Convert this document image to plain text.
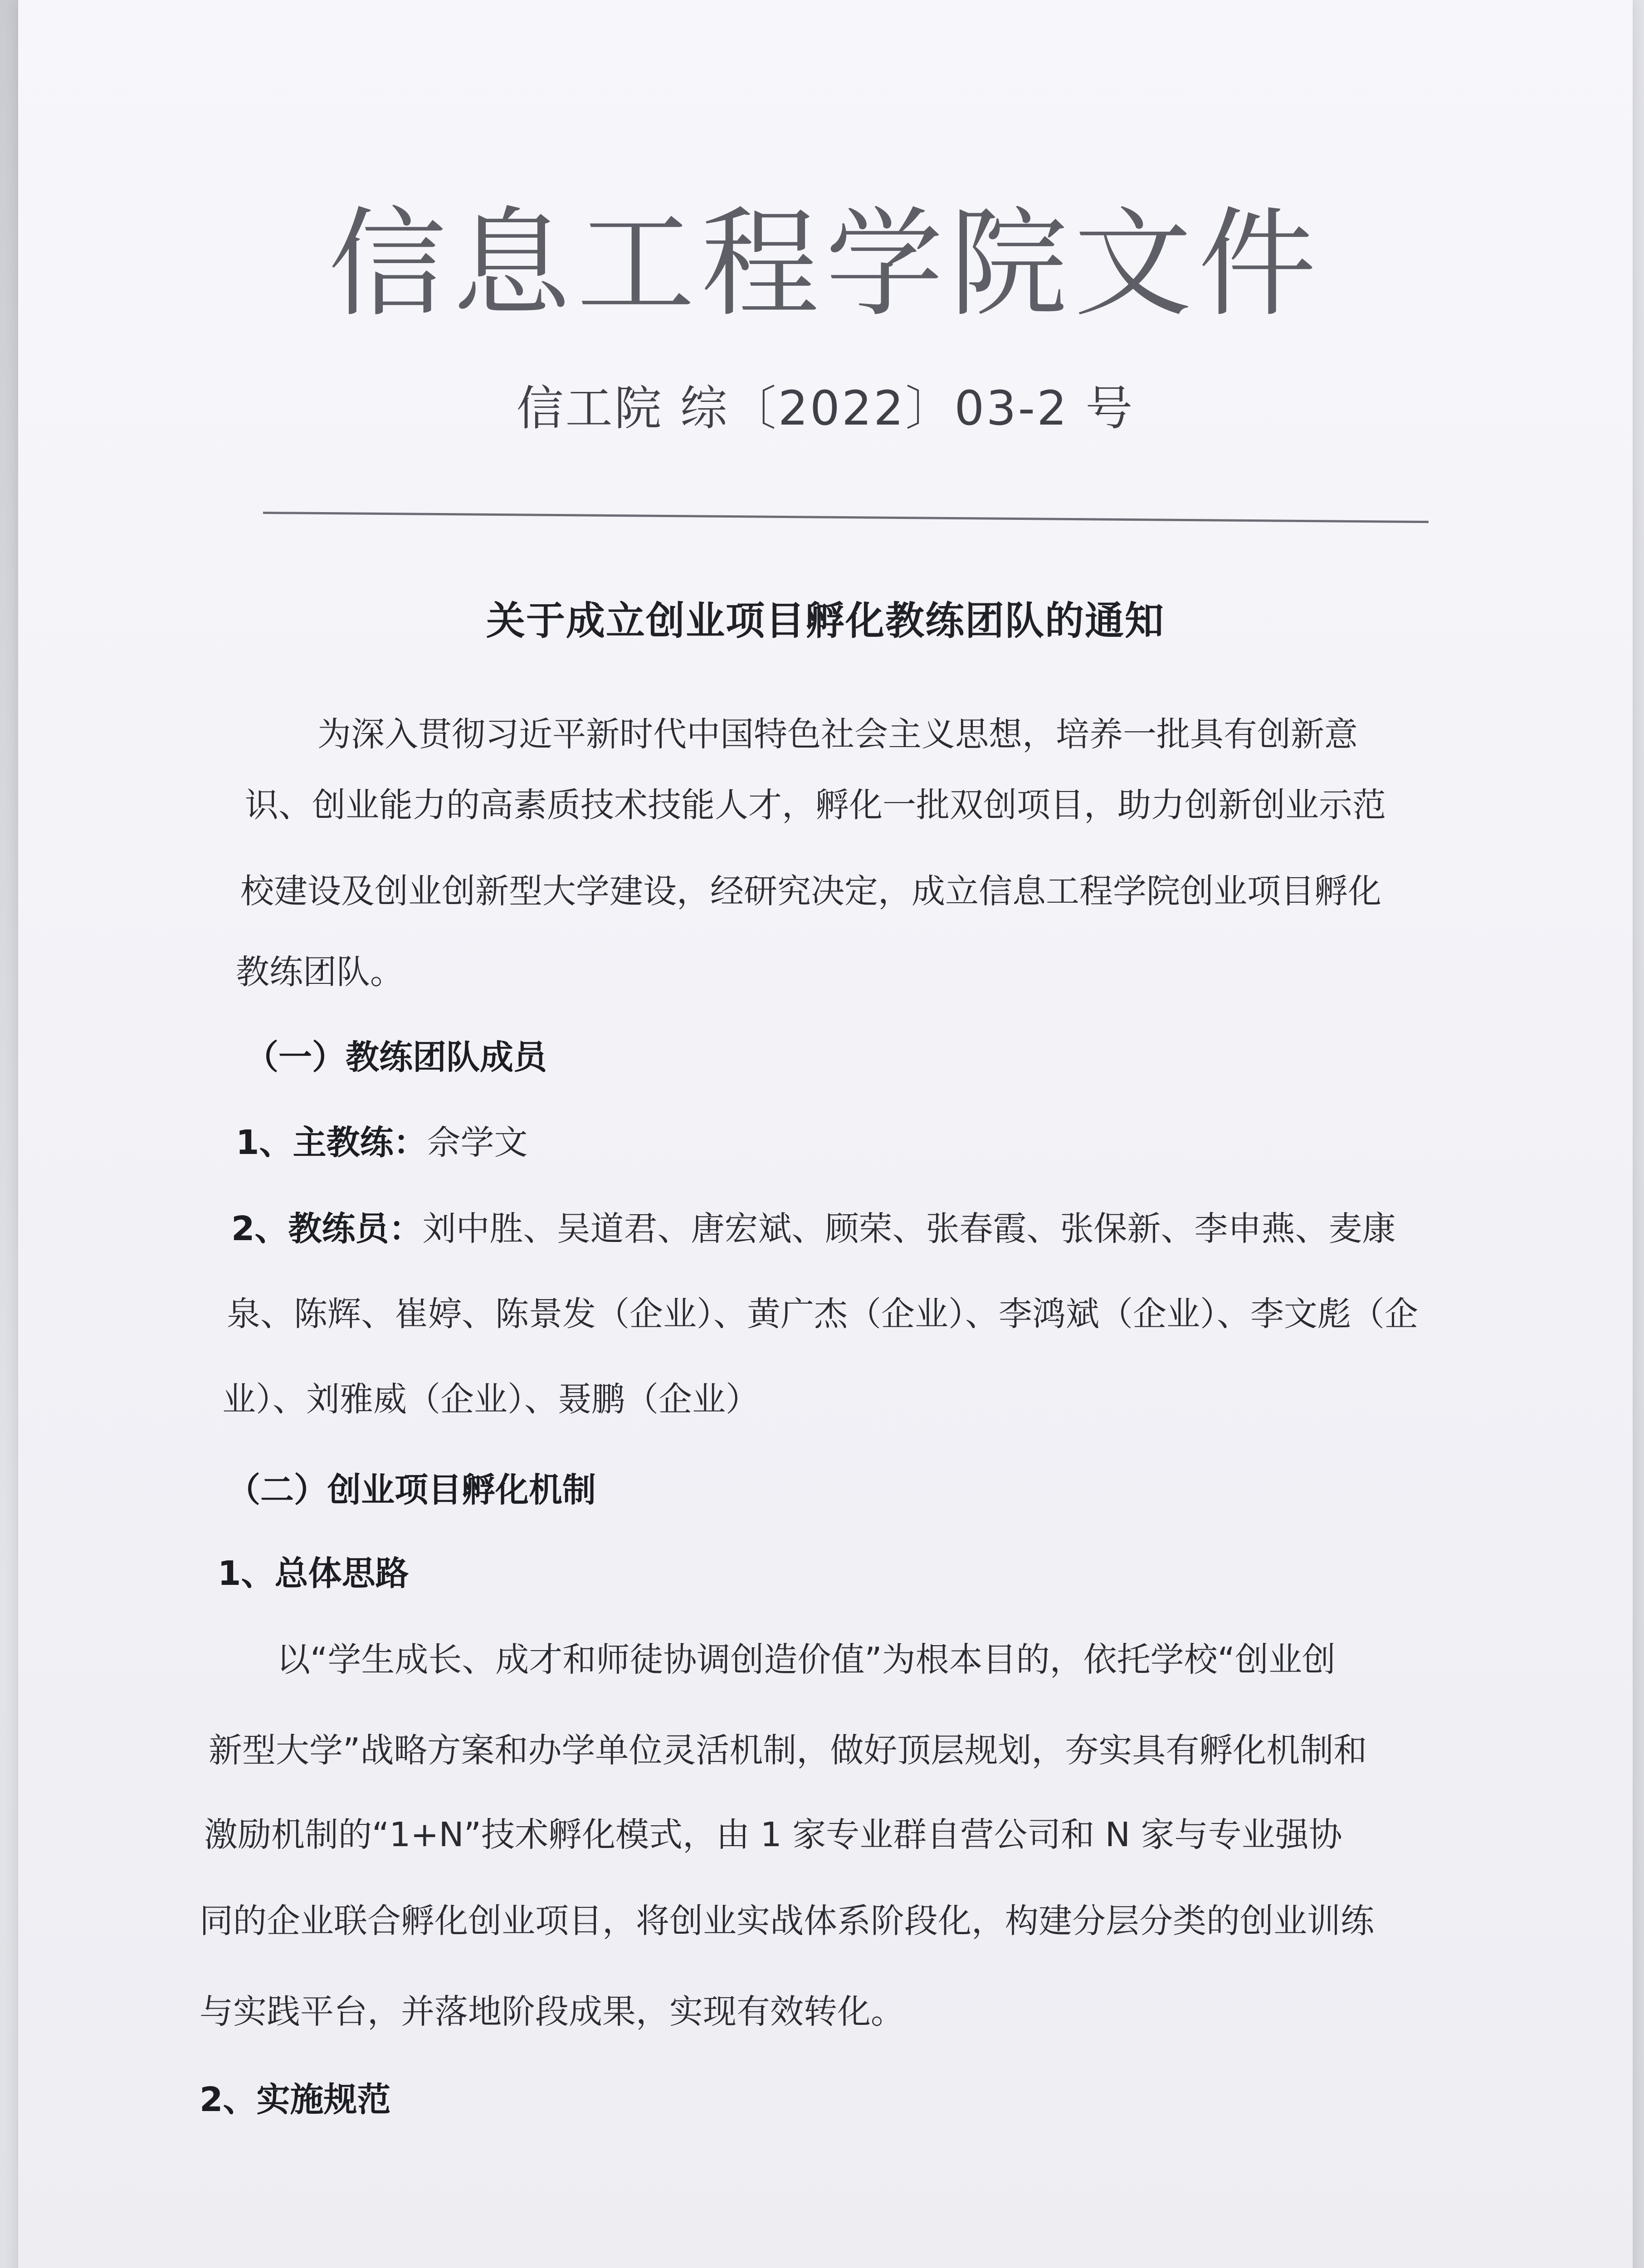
信息工程学院文件
信工院 综〔2022〕03-2 号
关于成立创业项目孵化教练团队的通知
为深入贯彻习近平新时代中国特色社会主义思想，培养一批具有创新意
识、创业能力的高素质技术技能人才，孵化一批双创项目，助力创新创业示范
校建设及创业创新型大学建设，经研究决定，成立信息工程学院创业项目孵化
教练团队。
（一）教练团队成员
1、主教练：佘学文
2、教练员：刘中胜、吴道君、唐宏斌、顾荣、张春霞、张保新、李申燕、麦康
泉、陈辉、崔婷、陈景发（企业）、黄广杰（企业）、李鸿斌（企业）、李文彪（企
业）、刘雅威（企业）、聂鹏（企业）
（二）创业项目孵化机制
1、总体思路
以“学生成长、成才和师徒协调创造价值”为根本目的，依托学校“创业创
新型大学”战略方案和办学单位灵活机制，做好顶层规划，夯实具有孵化机制和
激励机制的“1+N”技术孵化模式，由 1 家专业群自营公司和 N 家与专业强协
同的企业联合孵化创业项目，将创业实战体系阶段化，构建分层分类的创业训练
与实践平台，并落地阶段成果，实现有效转化。
2、实施规范
